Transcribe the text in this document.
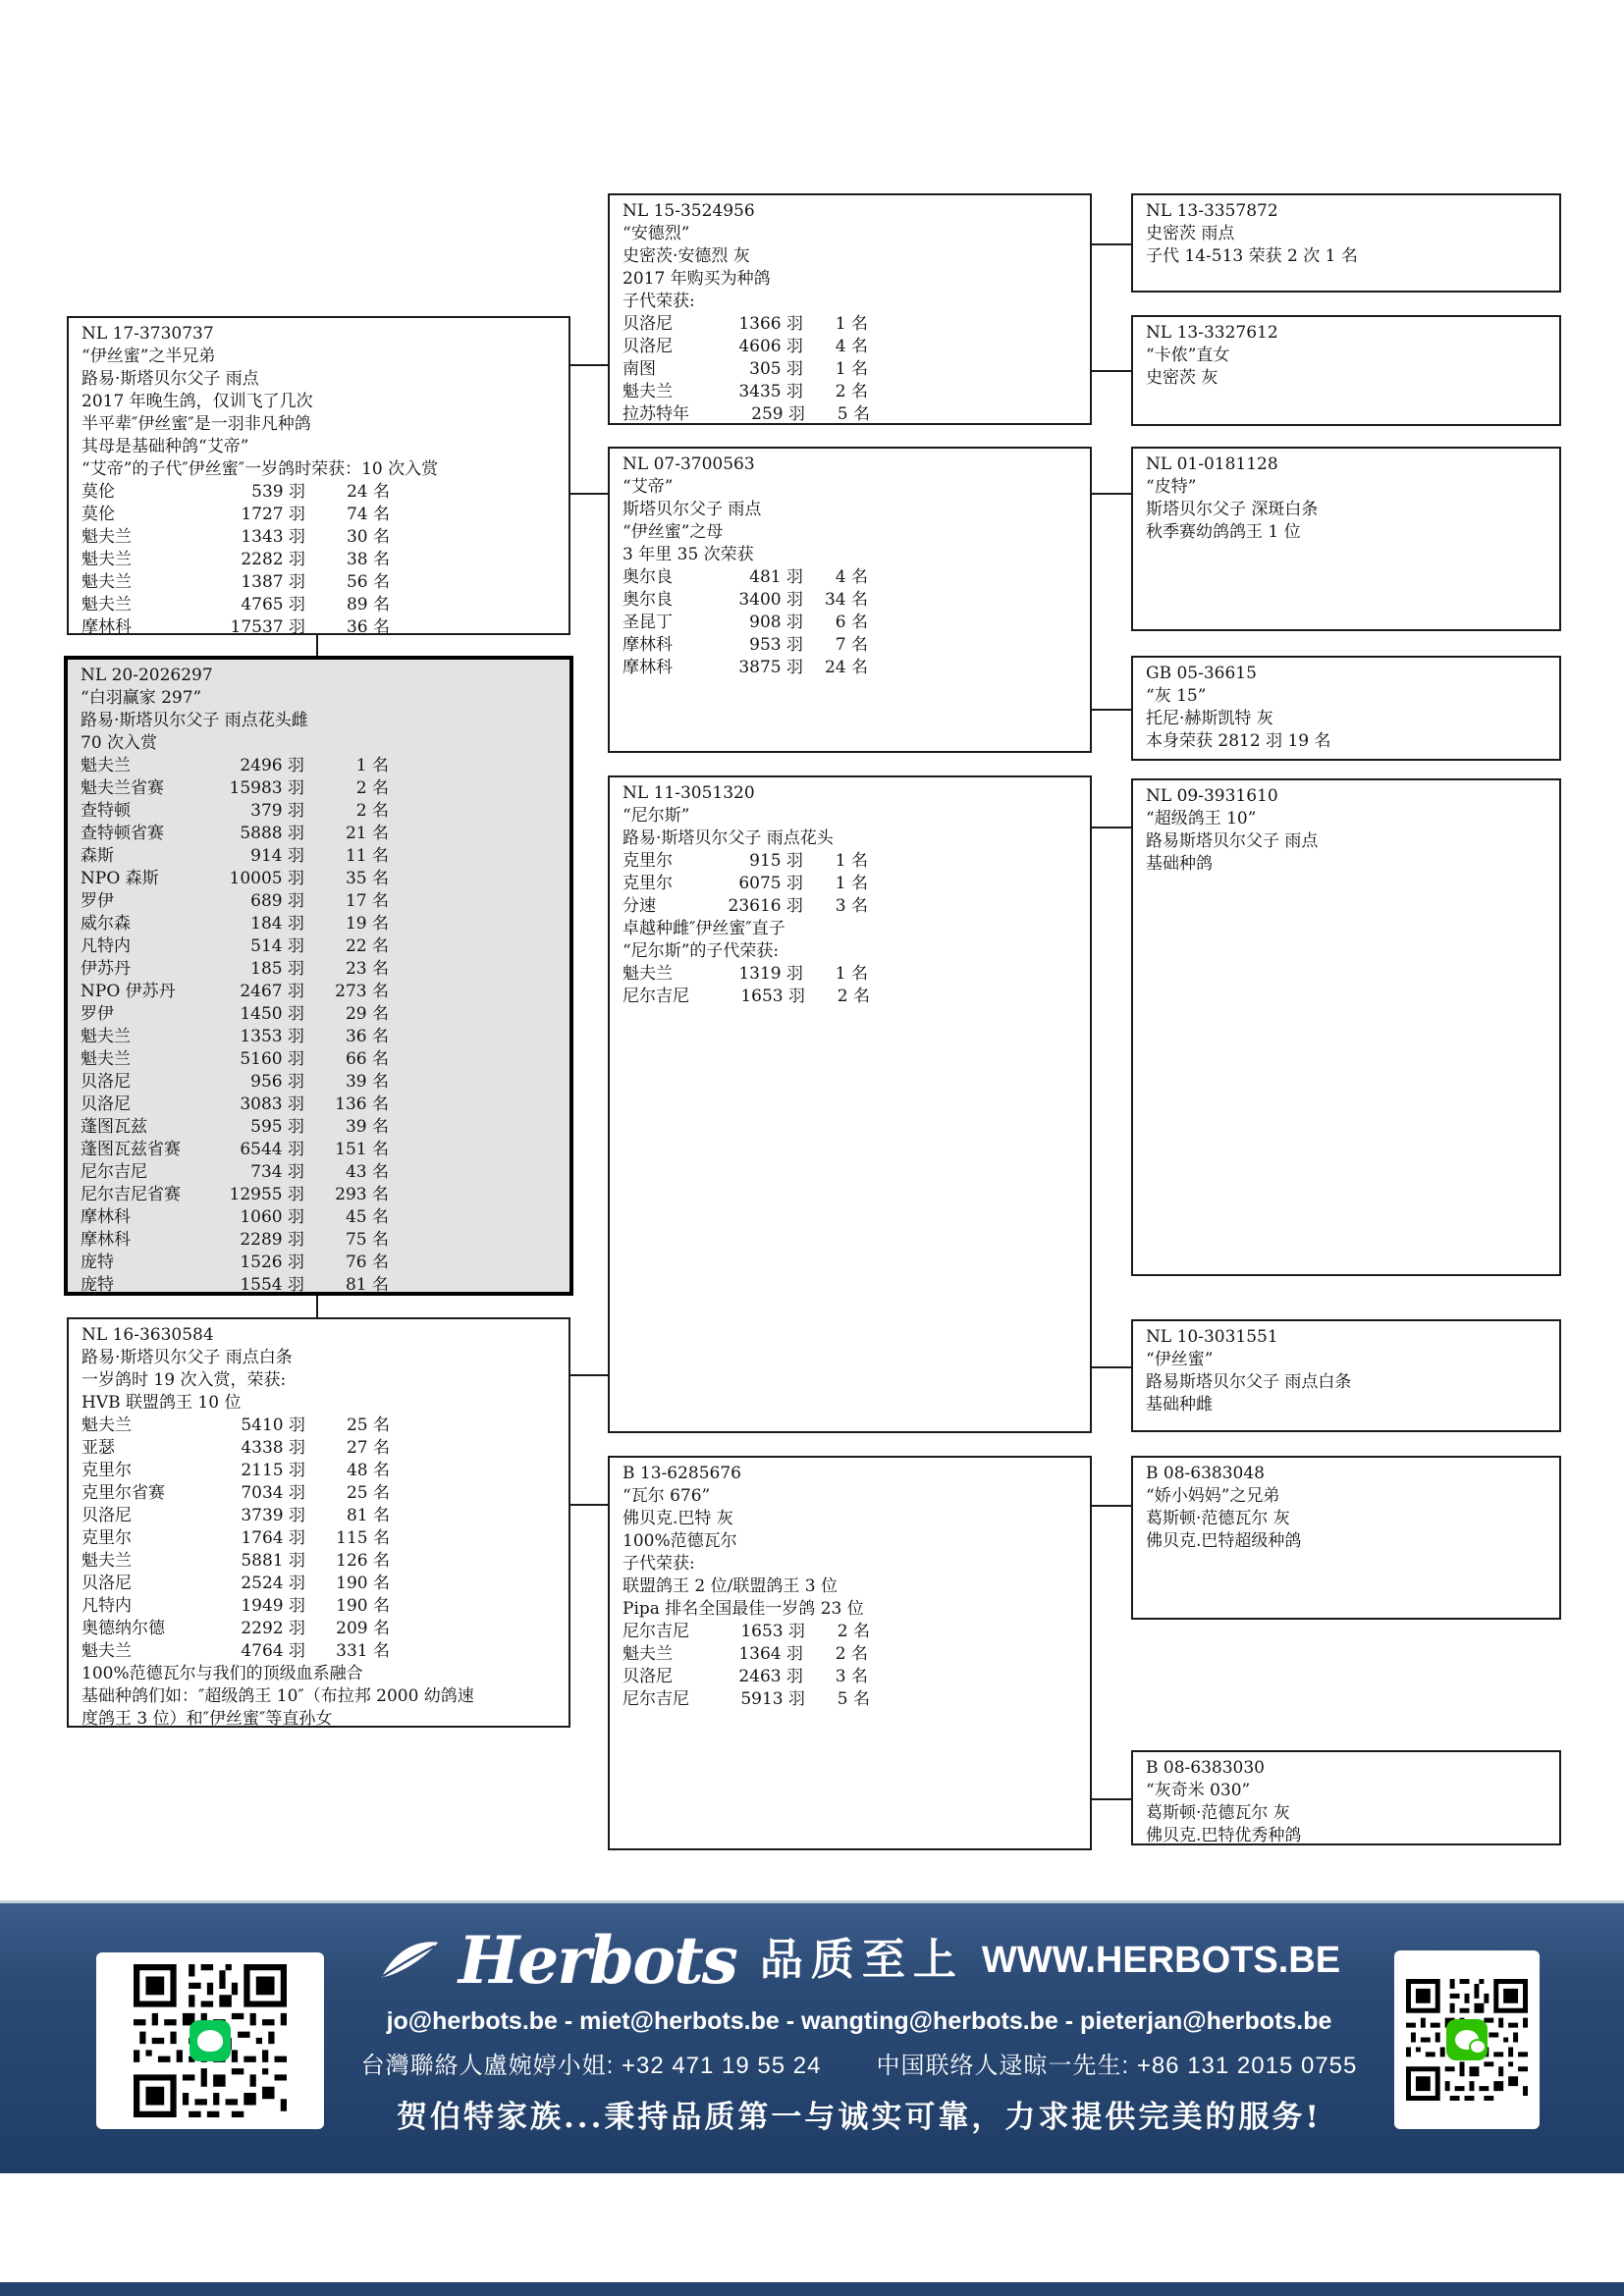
NL 17-3730737
“伊丝蜜”之半兄弟
路易·斯塔贝尔父子 雨点
2017 年晚生鸽，仅训飞了几次
半平辈″伊丝蜜″是一羽非凡种鸽
其母是基础种鸽“艾帝”
“艾帝”的子代″伊丝蜜″一岁鸽时荣获：10 次入赏
莫伦	539 羽	24 名
莫伦	1727 羽	74 名
魁夫兰	1343 羽	30 名
魁夫兰	2282 羽	38 名
魁夫兰	1387 羽	56 名
魁夫兰	4765 羽	89 名
摩林科	17537 羽	36 名
NL 20-2026297
“白羽赢家 297”
路易·斯塔贝尔父子 雨点花头雌
70 次入赏
魁夫兰	2496 羽	1 名
魁夫兰省赛	15983 羽	2 名
查特顿	379 羽	2 名
查特顿省赛	5888 羽	21 名
森斯	914 羽	11 名
NPO 森斯	10005 羽	35 名
罗伊	689 羽	17 名
威尔森	184 羽	19 名
凡特内	514 羽	22 名
伊苏丹	185 羽	23 名
NPO 伊苏丹	2467 羽	273 名
罗伊	1450 羽	29 名
魁夫兰	1353 羽	36 名
魁夫兰	5160 羽	66 名
贝洛尼	956 羽	39 名
贝洛尼	3083 羽	136 名
蓬图瓦兹	595 羽	39 名
蓬图瓦兹省赛	6544 羽	151 名
尼尔吉尼	734 羽	43 名
尼尔吉尼省赛	12955 羽	293 名
摩林科	1060 羽	45 名
摩林科	2289 羽	75 名
庞特	1526 羽	76 名
庞特	1554 羽	81 名
NL 16-3630584
路易·斯塔贝尔父子 雨点白条
一岁鸽时 19 次入赏，荣获:
HVB 联盟鸽王 10 位
魁夫兰	5410 羽	25 名
亚瑟	4338 羽	27 名
克里尔	2115 羽	48 名
克里尔省赛	7034 羽	25 名
贝洛尼	3739 羽	81 名
克里尔	1764 羽	115 名
魁夫兰	5881 羽	126 名
贝洛尼	2524 羽	190 名
凡特内	1949 羽	190 名
奥德纳尔德	2292 羽	209 名
魁夫兰	4764 羽	331 名
100%范德瓦尔与我们的顶级血系融合
基础种鸽们如：″超级鸽王 10″（布拉邦 2000 幼鸽速
度鸽王 3 位）和″伊丝蜜″等直孙女
NL 15-3524956
“安德烈”
史密茨·安德烈 灰
2017 年购买为种鸽
子代荣获:
贝洛尼	1366 羽	1 名
贝洛尼	4606 羽	4 名
南图	305 羽	1 名
魁夫兰	3435 羽	2 名
拉苏特年	259 羽	5 名
NL 07-3700563
“艾帝”
斯塔贝尔父子 雨点
“伊丝蜜”之母
3 年里 35 次荣获
奥尔良	481 羽	4 名
奥尔良	3400 羽	34 名
圣昆丁	908 羽	6 名
摩林科	953 羽	7 名
摩林科	3875 羽	24 名
NL 11-3051320
“尼尔斯”
路易·斯塔贝尔父子 雨点花头
克里尔	915 羽	1 名
克里尔	6075 羽	1 名
分速	23616 羽	3 名
卓越种雌″伊丝蜜″直子
“尼尔斯”的子代荣获:
魁夫兰	1319 羽	1 名
尼尔吉尼	1653 羽	2 名
B 13-6285676
“瓦尔 676”
佛贝克.巴特 灰
100%范德瓦尔
子代荣获:
联盟鸽王 2 位/联盟鸽王 3 位
Pipa 排名全国最佳一岁鸽 23 位
尼尔吉尼	1653 羽	2 名
魁夫兰	1364 羽	2 名
贝洛尼	2463 羽	3 名
尼尔吉尼	5913 羽	5 名
NL 13-3357872
史密茨 雨点
子代 14-513 荣获 2 次 1 名
NL 13-3327612
“卡侬”直女
史密茨 灰
NL 01-0181128
“皮特”
斯塔贝尔父子 深斑白条
秋季赛幼鸽鸽王 1 位
GB 05-36615
“灰 15”
托尼·赫斯凯特 灰
本身荣获 2812 羽 19 名
NL 09-3931610
“超级鸽王 10”
路易斯塔贝尔父子 雨点
基础种鸽
NL 10-3031551
“伊丝蜜”
路易斯塔贝尔父子 雨点白条
基础种雌
B 08-6383048
“娇小妈妈”之兄弟
葛斯顿·范德瓦尔 灰
佛贝克.巴特超级种鸽
B 08-6383030
“灰奇米 030”
葛斯顿·范德瓦尔 灰
佛贝克.巴特优秀种鸽
Herbots 品质至上 WWW.HERBOTS.BE
jo@herbots.be - miet@herbots.be - wangting@herbots.be - pieterjan@herbots.be
台灣聯絡人盧婉婷小姐: +32 471 19 55 24 中国联络人逯晾一先生: +86 131 2015 0755
贺伯特家族...秉持品质第一与诚实可靠，力求提供完美的服务!
